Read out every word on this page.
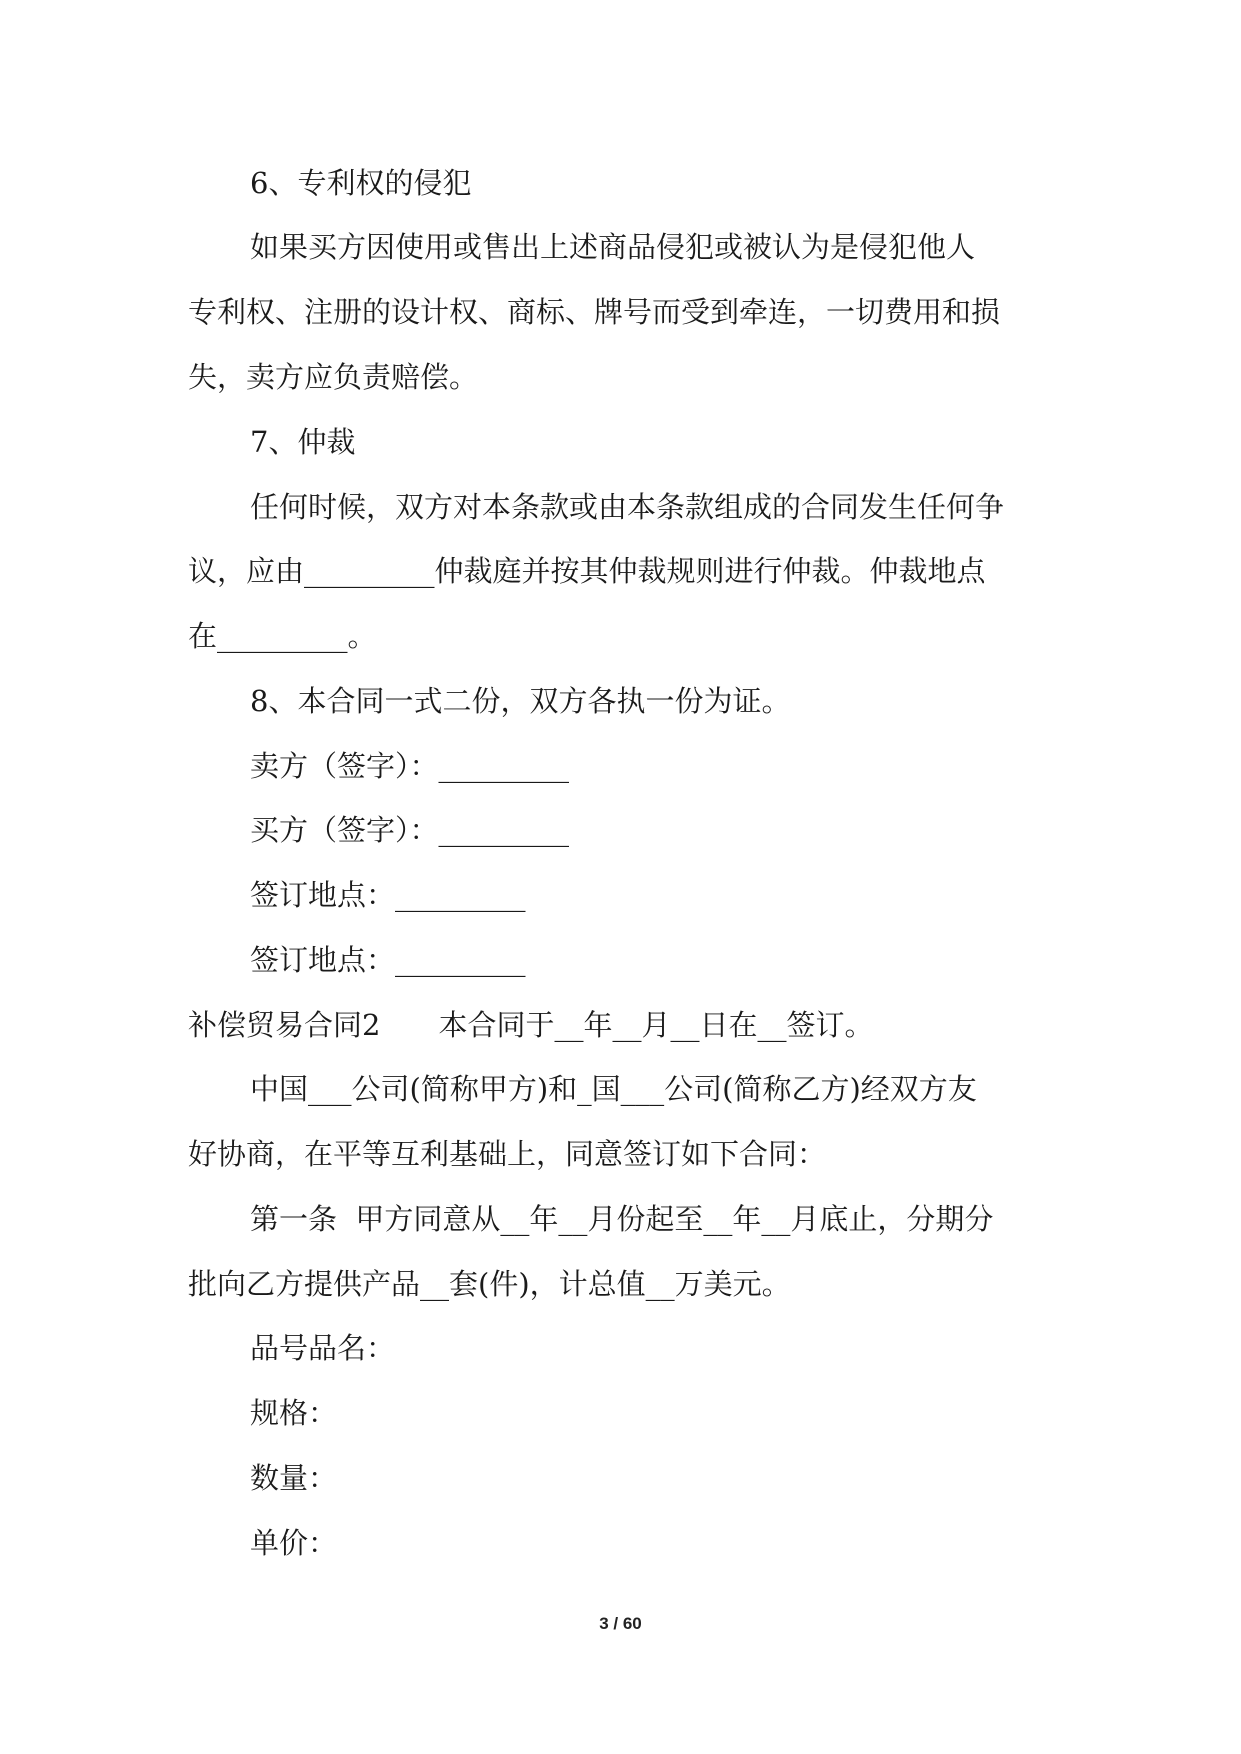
6、专利权的侵犯
如果买方因使用或售出上述商品侵犯或被认为是侵犯他人
专利权、注册的设计权、商标、牌号而受到牵连，一切费用和损
失，卖方应负责赔偿。
7、仲裁
任何时候，双方对本条款或由本条款组成的合同发生任何争
议，应由_________仲裁庭并按其仲裁规则进行仲裁。仲裁地点
在_________。
8、本合同一式二份，双方各执一份为证。
卖方（签字）：_________
买方（签字）：_________
签订地点：_________
签订地点：_________
补偿贸易合同2　　本合同于__年__月__日在__签订。
中国___公司(简称甲方)和_国___公司(简称乙方)经双方友
好协商，在平等互利基础上，同意签订如下合同：
第一条  甲方同意从__年__月份起至__年__月底止，分期分
批向乙方提供产品__套(件)，计总值__万美元。
品号品名：
规格：
数量：
单价：
3 / 60
